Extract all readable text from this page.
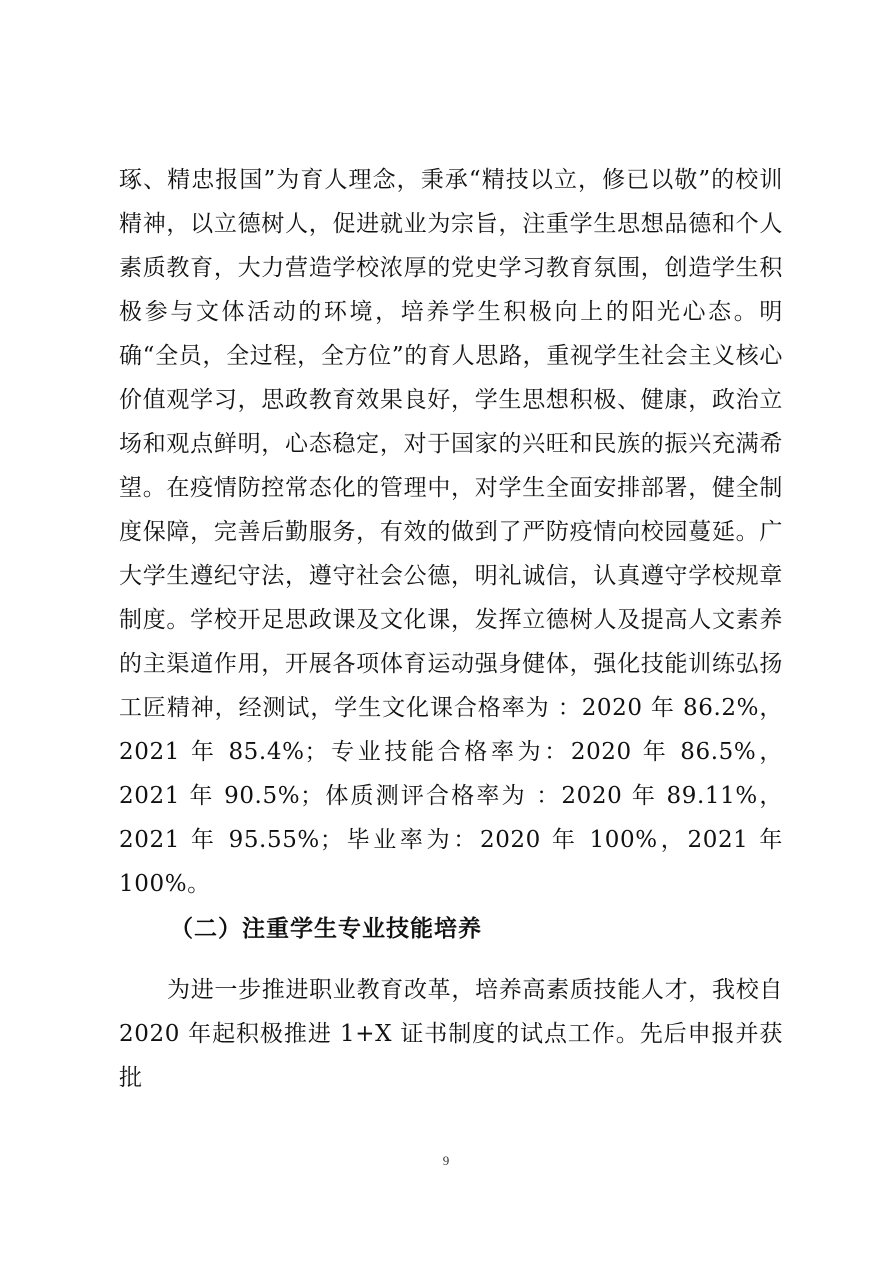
琢、精忠报国”为育人理念，秉承“精技以立，修已以敬”的校训精神，以立德树人，促进就业为宗旨，注重学生思想品德和个人素质教育，大力营造学校浓厚的党史学习教育氛围，创造学生积极参与文体活动的环境，培养学生积极向上的阳光心态。明确“全员，全过程，全方位”的育人思路，重视学生社会主义核心价值观学习，思政教育效果良好，学生思想积极、健康，政治立场和观点鲜明，心态稳定，对于国家的兴旺和民族的振兴充满希望。在疫情防控常态化的管理中，对学生全面安排部署，健全制度保障，完善后勤服务，有效的做到了严防疫情向校园蔓延。广大学生遵纪守法，遵守社会公德，明礼诚信，认真遵守学校规章制度。学校开足思政课及文化课，发挥立德树人及提高人文素养的主渠道作用，开展各项体育运动强身健体，强化技能训练弘扬工匠精神，经测试，学生文化课合格率为 ：2020 年 86.2%，2021 年 85.4%；专业技能合格率为：2020 年 86.5%，2021 年 90.5%；体质测评合格率为 ：2020 年 89.11%，2021 年 95.55%；毕业率为：2020 年 100%，2021 年 100%。
（二）注重学生专业技能培养
为进一步推进职业教育改革，培养高素质技能人才，我校自2020 年起积极推进 1+X 证书制度的试点工作。先后申报并获批
9
